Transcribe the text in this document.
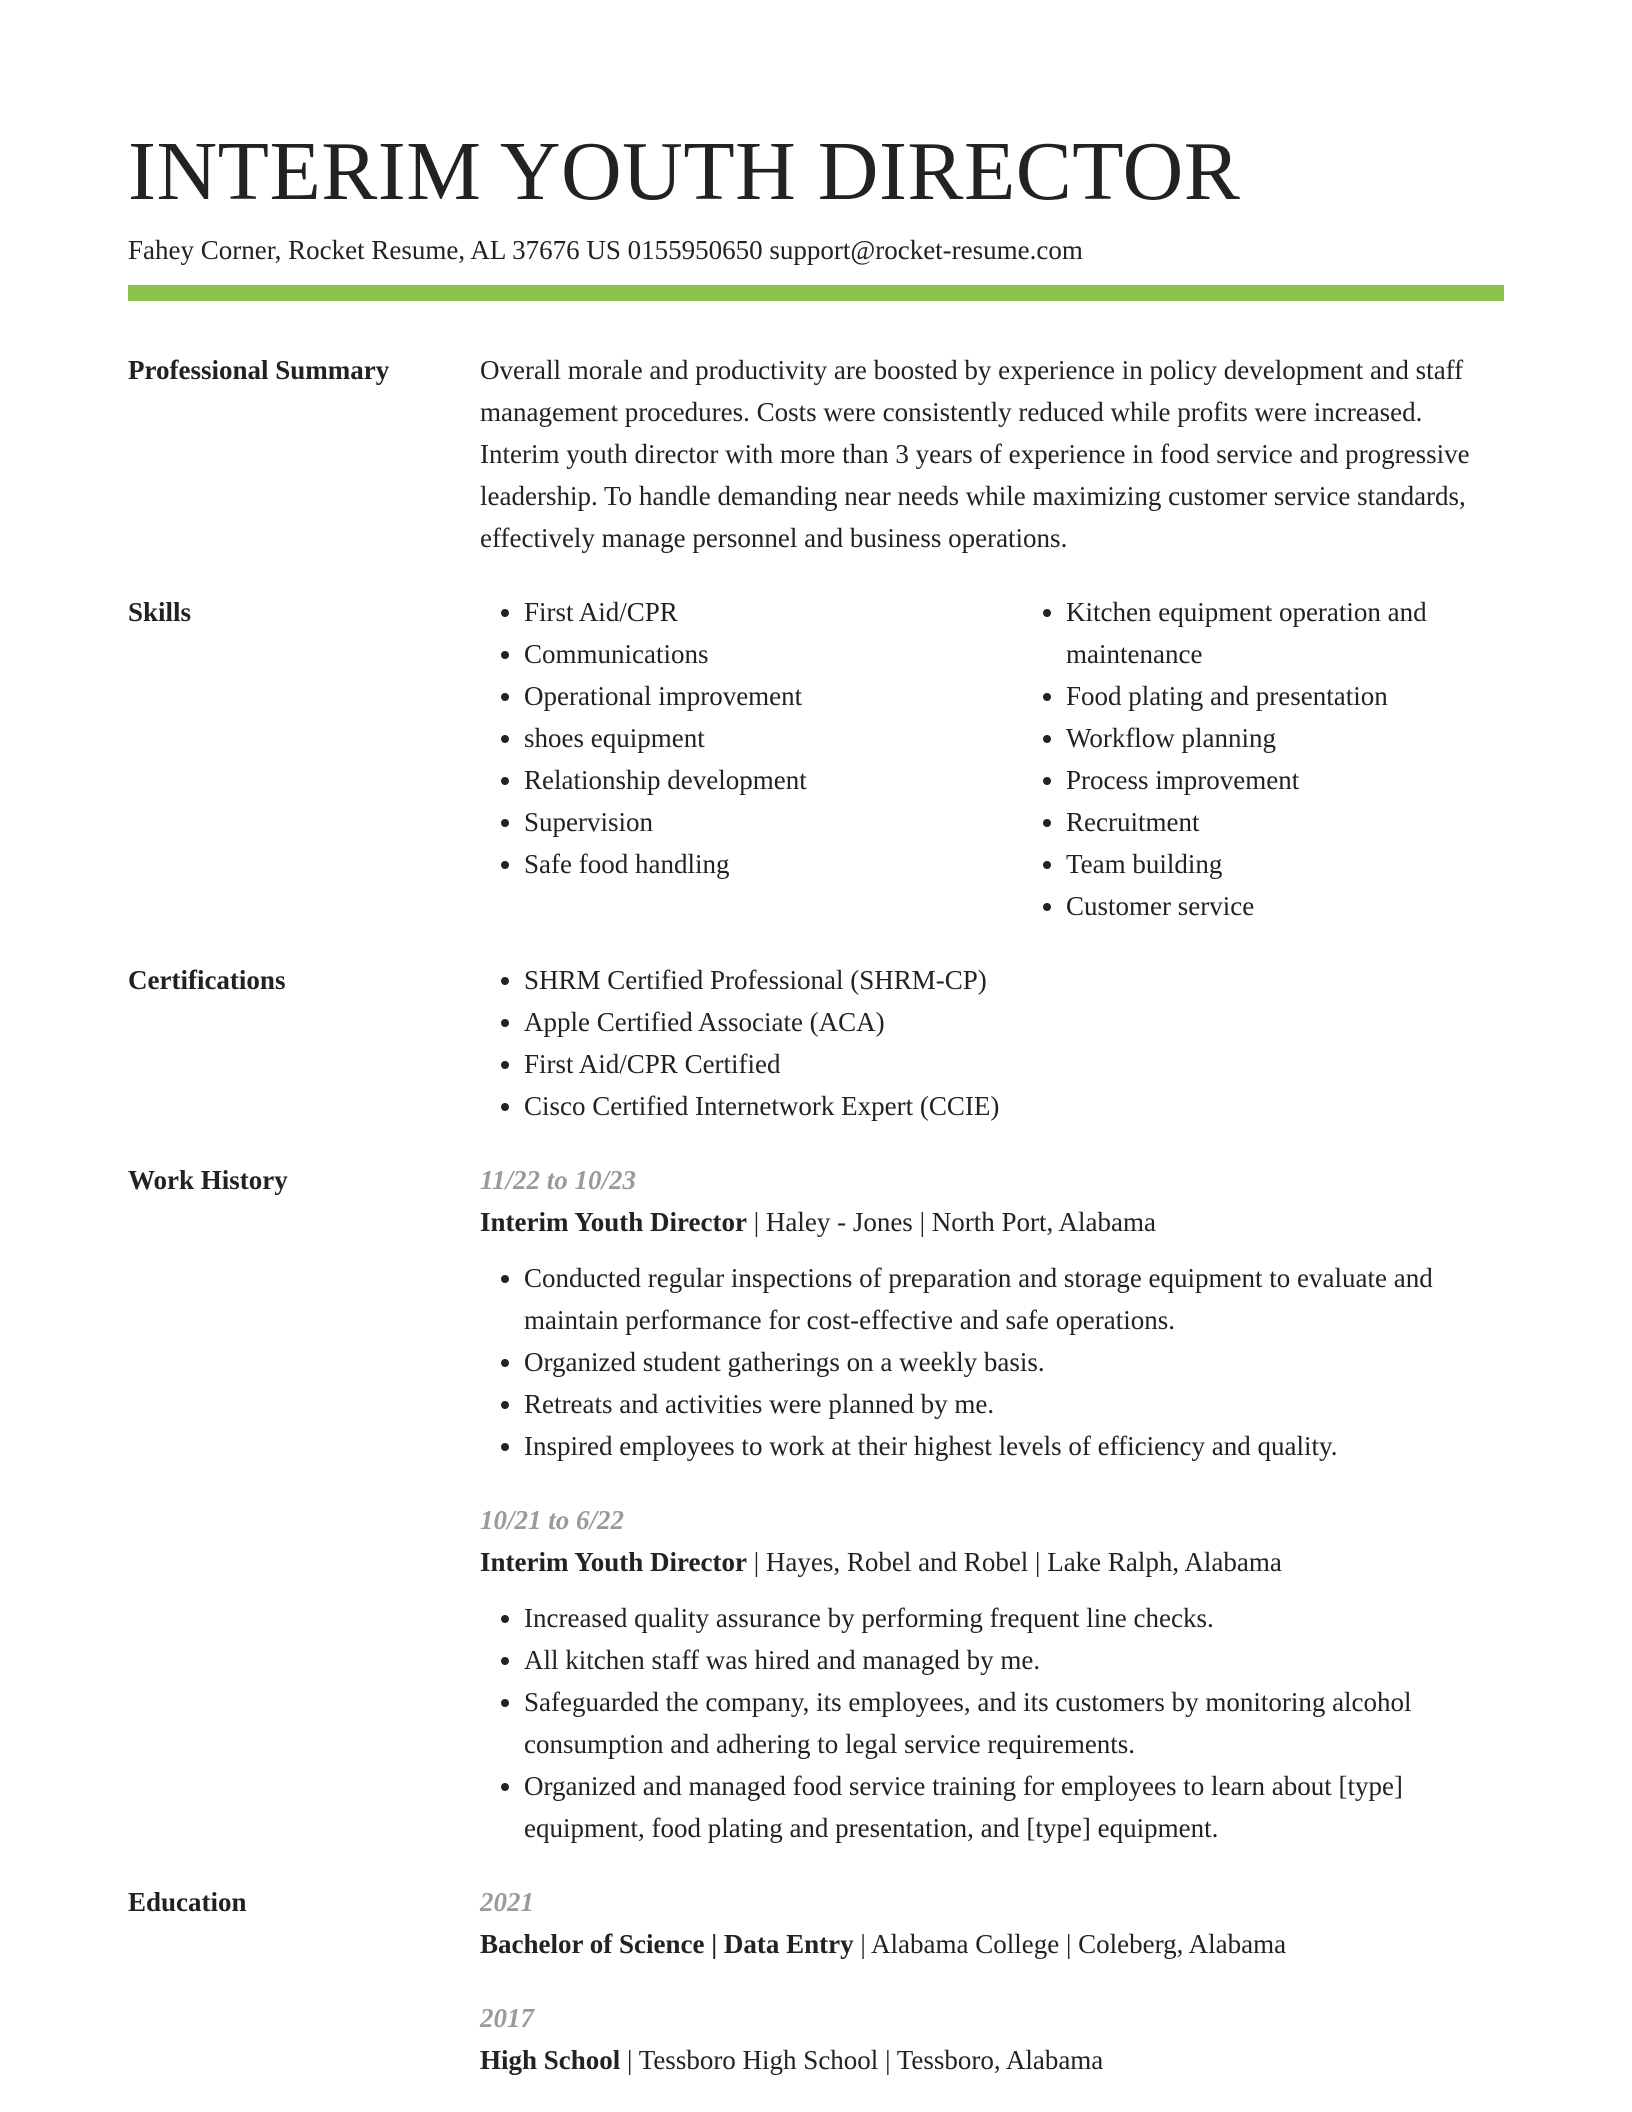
INTERIM YOUTH DIRECTOR
Fahey Corner, Rocket Resume, AL 37676 US 0155950650 support@rocket-resume.com
Professional Summary	Overall morale and productivity are boosted by experience in policy development and staff management procedures. Costs were consistently reduced while profits were increased. Interim youth director with more than 3 years of experience in food service and progressive leadership. To handle demanding near needs while maximizing customer service standards, effectively manage personnel and business operations.

Skills	• First Aid/CPR
• Communications
• Operational improvement
• shoes equipment
• Relationship development
• Supervision
• Safe food handling
• Kitchen equipment operation and maintenance
• Food plating and presentation
• Workflow planning
• Process improvement
• Recruitment
• Team building
• Customer service
Certifications	• SHRM Certified Professional (SHRM-CP)
• Apple Certified Associate (ACA)
• First Aid/CPR Certified
• Cisco Certified Internetwork Expert (CCIE)
Work History	11/22 to 10/23
Interim Youth Director | Haley - Jones | North Port, Alabama
• Conducted regular inspections of preparation and storage equipment to evaluate and maintain performance for cost-effective and safe operations.
• Organized student gatherings on a weekly basis.
• Retreats and activities were planned by me.
• Inspired employees to work at their highest levels of efficiency and quality.
10/21 to 6/22
Interim Youth Director | Hayes, Robel and Robel | Lake Ralph, Alabama
• Increased quality assurance by performing frequent line checks.
• All kitchen staff was hired and managed by me.
• Safeguarded the company, its employees, and its customers by monitoring alcohol consumption and adhering to legal service requirements.
• Organized and managed food service training for employees to learn about [type] equipment, food plating and presentation, and [type] equipment.
Education	2021
Bachelor of Science | Data Entry | Alabama College | Coleberg, Alabama
2017
High School | Tessboro High School | Tessboro, Alabama
